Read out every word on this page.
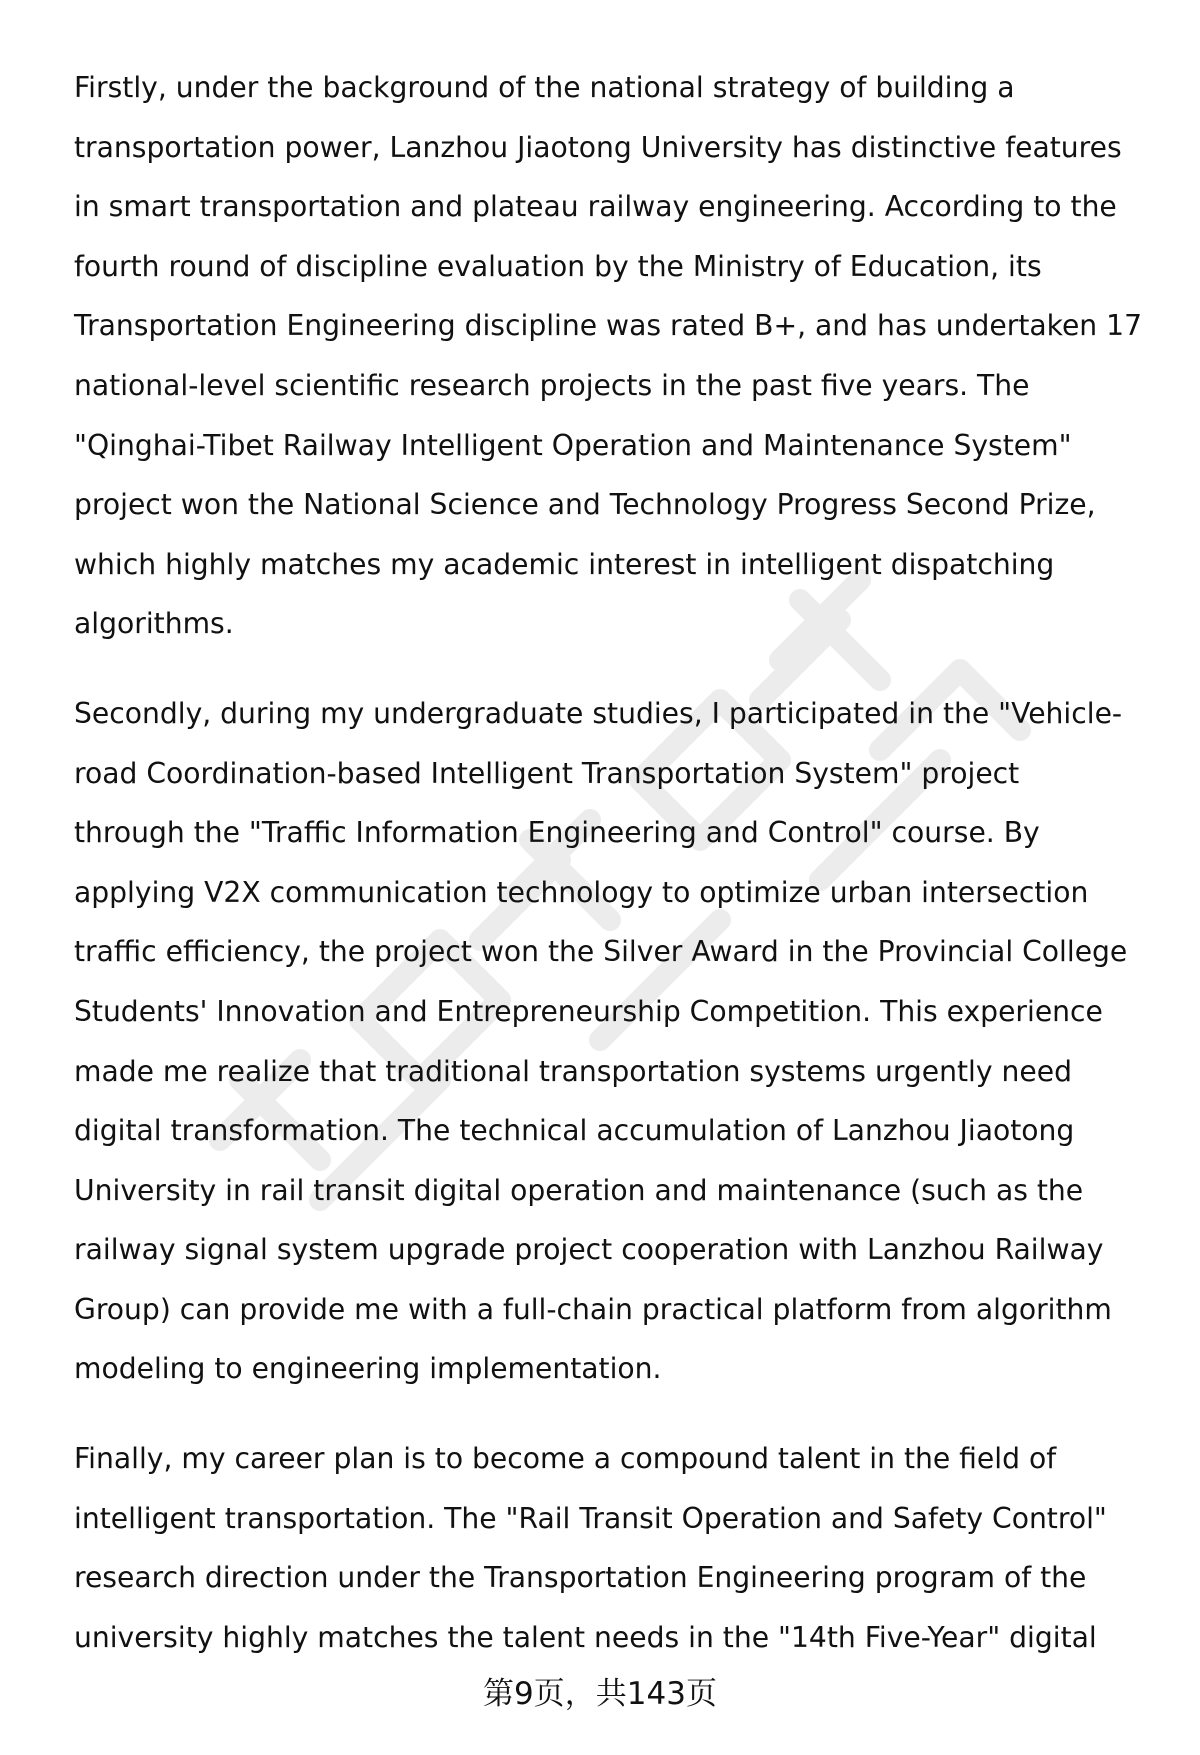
Firstly, under the background of the national strategy of building a
transportation power, Lanzhou Jiaotong University has distinctive features
in smart transportation and plateau railway engineering. According to the
fourth round of discipline evaluation by the Ministry of Education, its
Transportation Engineering discipline was rated B+, and has undertaken 17
national-level scientific research projects in the past five years. The
"Qinghai-Tibet Railway Intelligent Operation and Maintenance System"
project won the National Science and Technology Progress Second Prize,
which highly matches my academic interest in intelligent dispatching
algorithms.

Secondly, during my undergraduate studies, I participated in the "Vehicle-
road Coordination-based Intelligent Transportation System" project
through the "Traffic Information Engineering and Control" course. By
applying V2X communication technology to optimize urban intersection
traffic efficiency, the project won the Silver Award in the Provincial College
Students' Innovation and Entrepreneurship Competition. This experience
made me realize that traditional transportation systems urgently need
digital transformation. The technical accumulation of Lanzhou Jiaotong
University in rail transit digital operation and maintenance (such as the
railway signal system upgrade project cooperation with Lanzhou Railway
Group) can provide me with a full-chain practical platform from algorithm
modeling to engineering implementation.

Finally, my career plan is to become a compound talent in the field of
intelligent transportation. The "Rail Transit Operation and Safety Control"
research direction under the Transportation Engineering program of the
university highly matches the talent needs in the "14th Five-Year" digital

第9页，共143页
